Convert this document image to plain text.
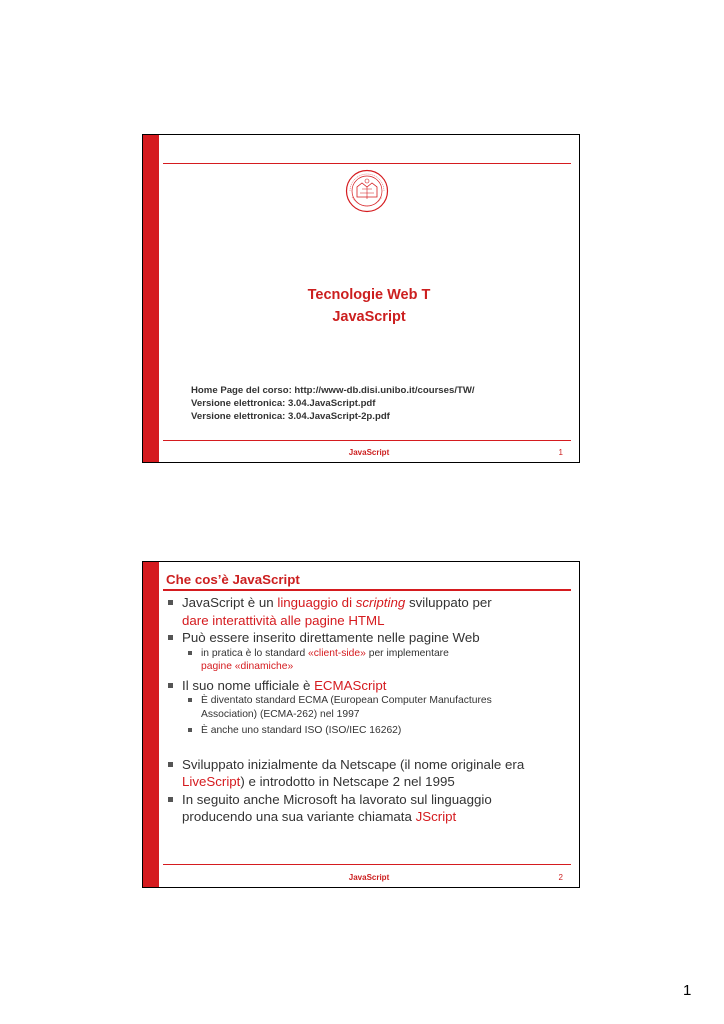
Tecnologie Web T
JavaScript
Home Page del corso: http://www-db.disi.unibo.it/courses/TW/
Versione elettronica: 3.04.JavaScript.pdf
Versione elettronica: 3.04.JavaScript-2p.pdf
JavaScript	1
Che cos’è JavaScript
JavaScript è un linguaggio di scripting sviluppato per
dare interattività alle pagine HTML
Può essere inserito direttamente nelle pagine Web
in pratica è lo standard «client-side» per implementare
pagine «dinamiche»
Il suo nome ufficiale è ECMAScript
È diventato standard ECMA (European Computer Manufactures
Association) (ECMA-262) nel 1997
È anche uno standard ISO (ISO/IEC 16262)
Sviluppato inizialmente da Netscape (il nome originale era
LiveScript) e introdotto in Netscape 2 nel 1995
In seguito anche Microsoft ha lavorato sul linguaggio
producendo una sua variante chiamata JScript
JavaScript	2
1
